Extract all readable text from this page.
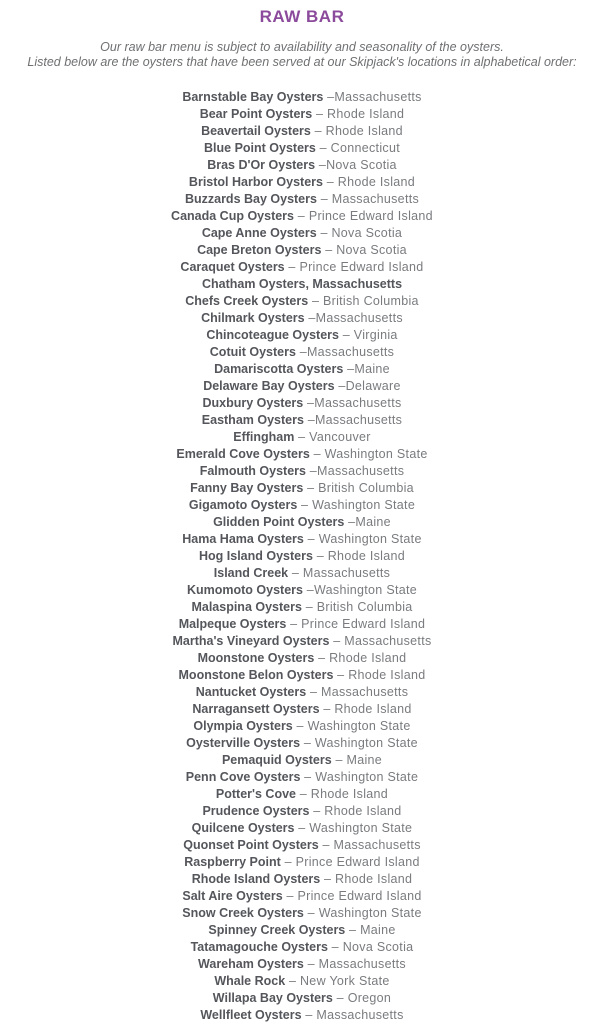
RAW BAR
Our raw bar menu is subject to availability and seasonality of the oysters.
Listed below are the oysters that have been served at our Skipjack's locations in alphabetical order:
Barnstable Bay Oysters –Massachusetts
Bear Point Oysters – Rhode Island
Beavertail Oysters – Rhode Island
Blue Point Oysters – Connecticut
Bras D'Or Oysters –Nova Scotia
Bristol Harbor Oysters – Rhode Island
Buzzards Bay Oysters – Massachusetts
Canada Cup Oysters – Prince Edward Island
Cape Anne Oysters – Nova Scotia
Cape Breton Oysters – Nova Scotia
Caraquet Oysters – Prince Edward Island
Chatham Oysters, Massachusetts
Chefs Creek Oysters – British Columbia
Chilmark Oysters –Massachusetts
Chincoteague Oysters – Virginia
Cotuit Oysters –Massachusetts
Damariscotta Oysters –Maine
Delaware Bay Oysters –Delaware
Duxbury Oysters –Massachusetts
Eastham Oysters –Massachusetts
Effingham – Vancouver
Emerald Cove Oysters – Washington State
Falmouth Oysters –Massachusetts
Fanny Bay Oysters – British Columbia
Gigamoto Oysters – Washington State
Glidden Point Oysters –Maine
Hama Hama Oysters – Washington State
Hog Island Oysters – Rhode Island
Island Creek – Massachusetts
Kumomoto Oysters –Washington State
Malaspina Oysters – British Columbia
Malpeque Oysters – Prince Edward Island
Martha's Vineyard Oysters – Massachusetts
Moonstone Oysters – Rhode Island
Moonstone Belon Oysters – Rhode Island
Nantucket Oysters – Massachusetts
Narragansett Oysters – Rhode Island
Olympia Oysters – Washington State
Oysterville Oysters – Washington State
Pemaquid Oysters – Maine
Penn Cove Oysters – Washington State
Potter's Cove – Rhode Island
Prudence Oysters – Rhode Island
Quilcene Oysters – Washington State
Quonset Point Oysters – Massachusetts
Raspberry Point – Prince Edward Island
Rhode Island Oysters – Rhode Island
Salt Aire Oysters – Prince Edward Island
Snow Creek Oysters – Washington State
Spinney Creek Oysters – Maine
Tatamagouche Oysters – Nova Scotia
Wareham Oysters – Massachusetts
Whale Rock – New York State
Willapa Bay Oysters – Oregon
Wellfleet Oysters – Massachusetts
